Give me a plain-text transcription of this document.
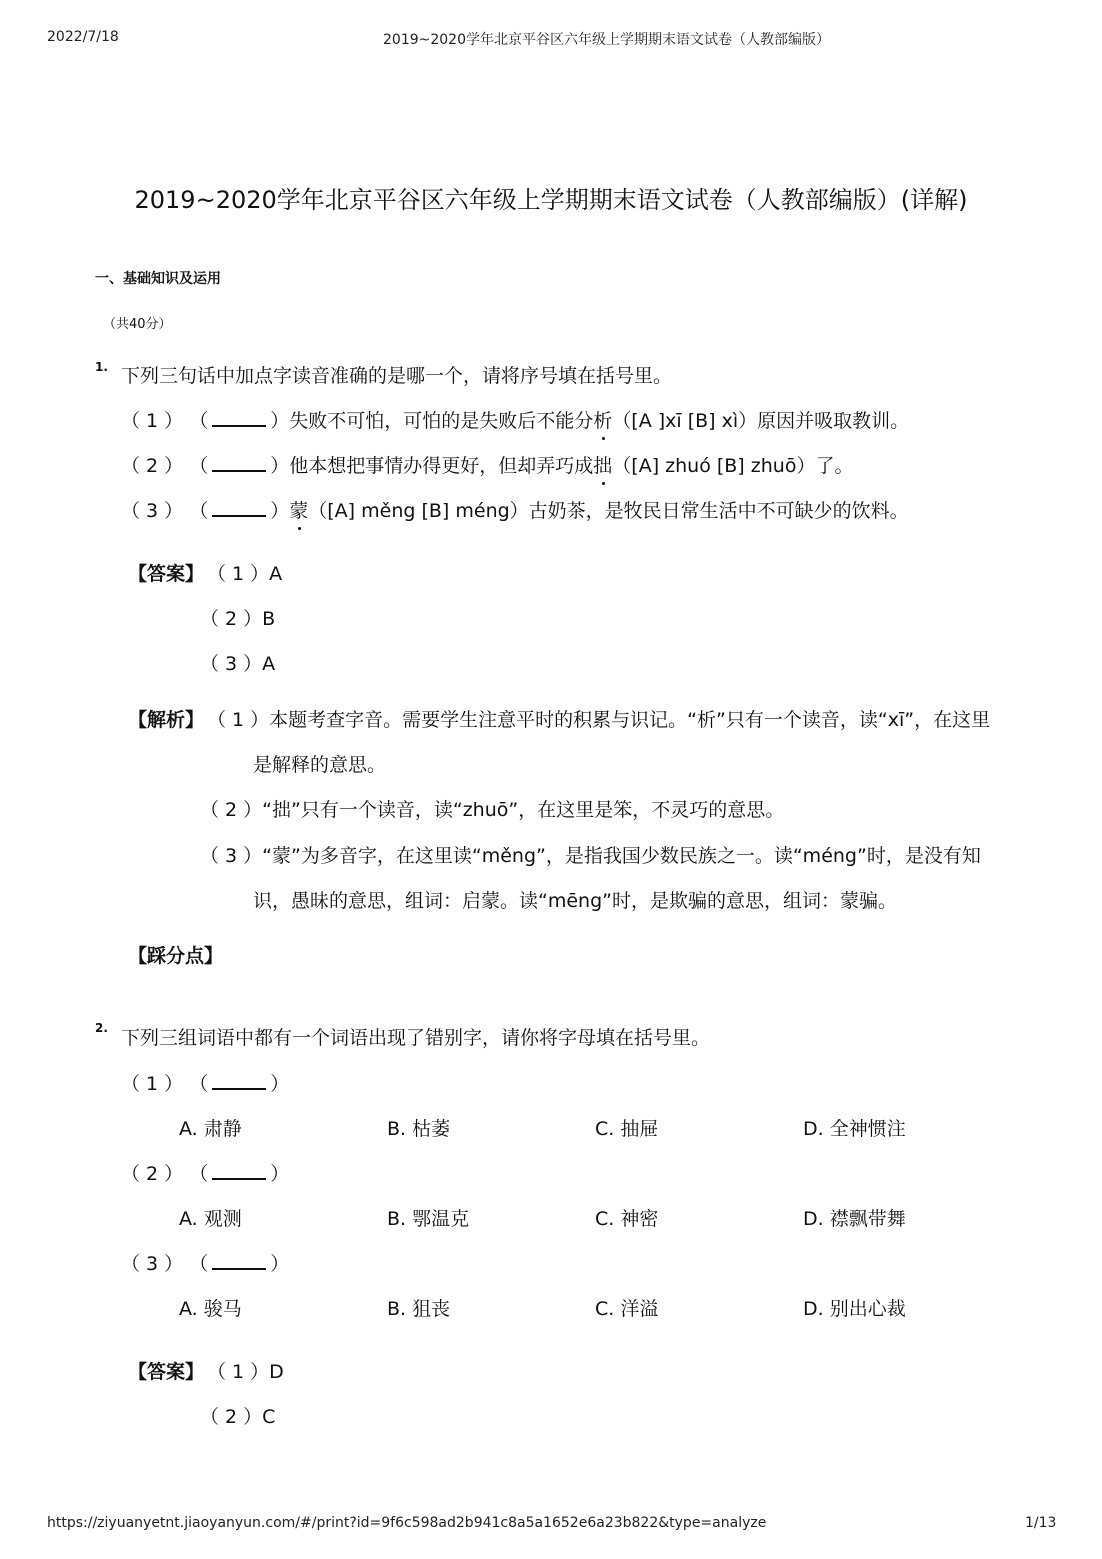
2022/7/18	2019~2020学年北京平谷区六年级上学期期末语文试卷（人教部编版）
2019~2020学年北京平谷区六年级上学期期末语文试卷（人教部编版）(详解)
一、基础知识及运用
（共40分）
1. 下列三句话中加点字读音准确的是哪一个，请将序号填在括号里。
（ 1 ） （	）失败不可怕，可怕的是失败后不能分析（[A ]xī [B] xì）原因并吸取教训。
（ 2 ） （	）他本想把事情办得更好，但却弄巧成拙（[A] zhuó [B] zhuō）了。
（ 3 ） （	）蒙（[A] měng [B] méng）古奶茶，是牧民日常生活中不可缺少的饮料。
【答案】 （ 1 ）A
（ 2 ）B
（ 3 ）A
【解析】 （ 1 ）本题考查字音。需要学生注意平时的积累与识记。“析”只有一个读音，读“xī”，在这里
是解释的意思。
（ 2 ）“拙”只有一个读音，读“zhuō”，在这里是笨，不灵巧的意思。
（ 3 ）“蒙”为多音字，在这里读“měng”，是指我国少数民族之一。读“méng”时，是没有知
识，愚昧的意思，组词：启蒙。读“mēng”时，是欺骗的意思，组词：蒙骗。
【踩分点】
2. 下列三组词语中都有一个词语出现了错别字，请你将字母填在括号里。
（ 1 ） （	）
A. 肃静	B. 枯萎	C. 抽屉	D. 全神惯注
（ 2 ） （	）
A. 观测	B. 鄂温克	C. 神密	D. 襟飘带舞
（ 3 ） （	）
A. 骏马	B. 狙丧	C. 洋溢	D. 别出心裁
【答案】 （ 1 ）D
（ 2 ）C
https://ziyuanyetnt.jiaoyanyun.com/#/print?id=9f6c598ad2b941c8a5a1652e6a23b822&type=analyze	1/13
